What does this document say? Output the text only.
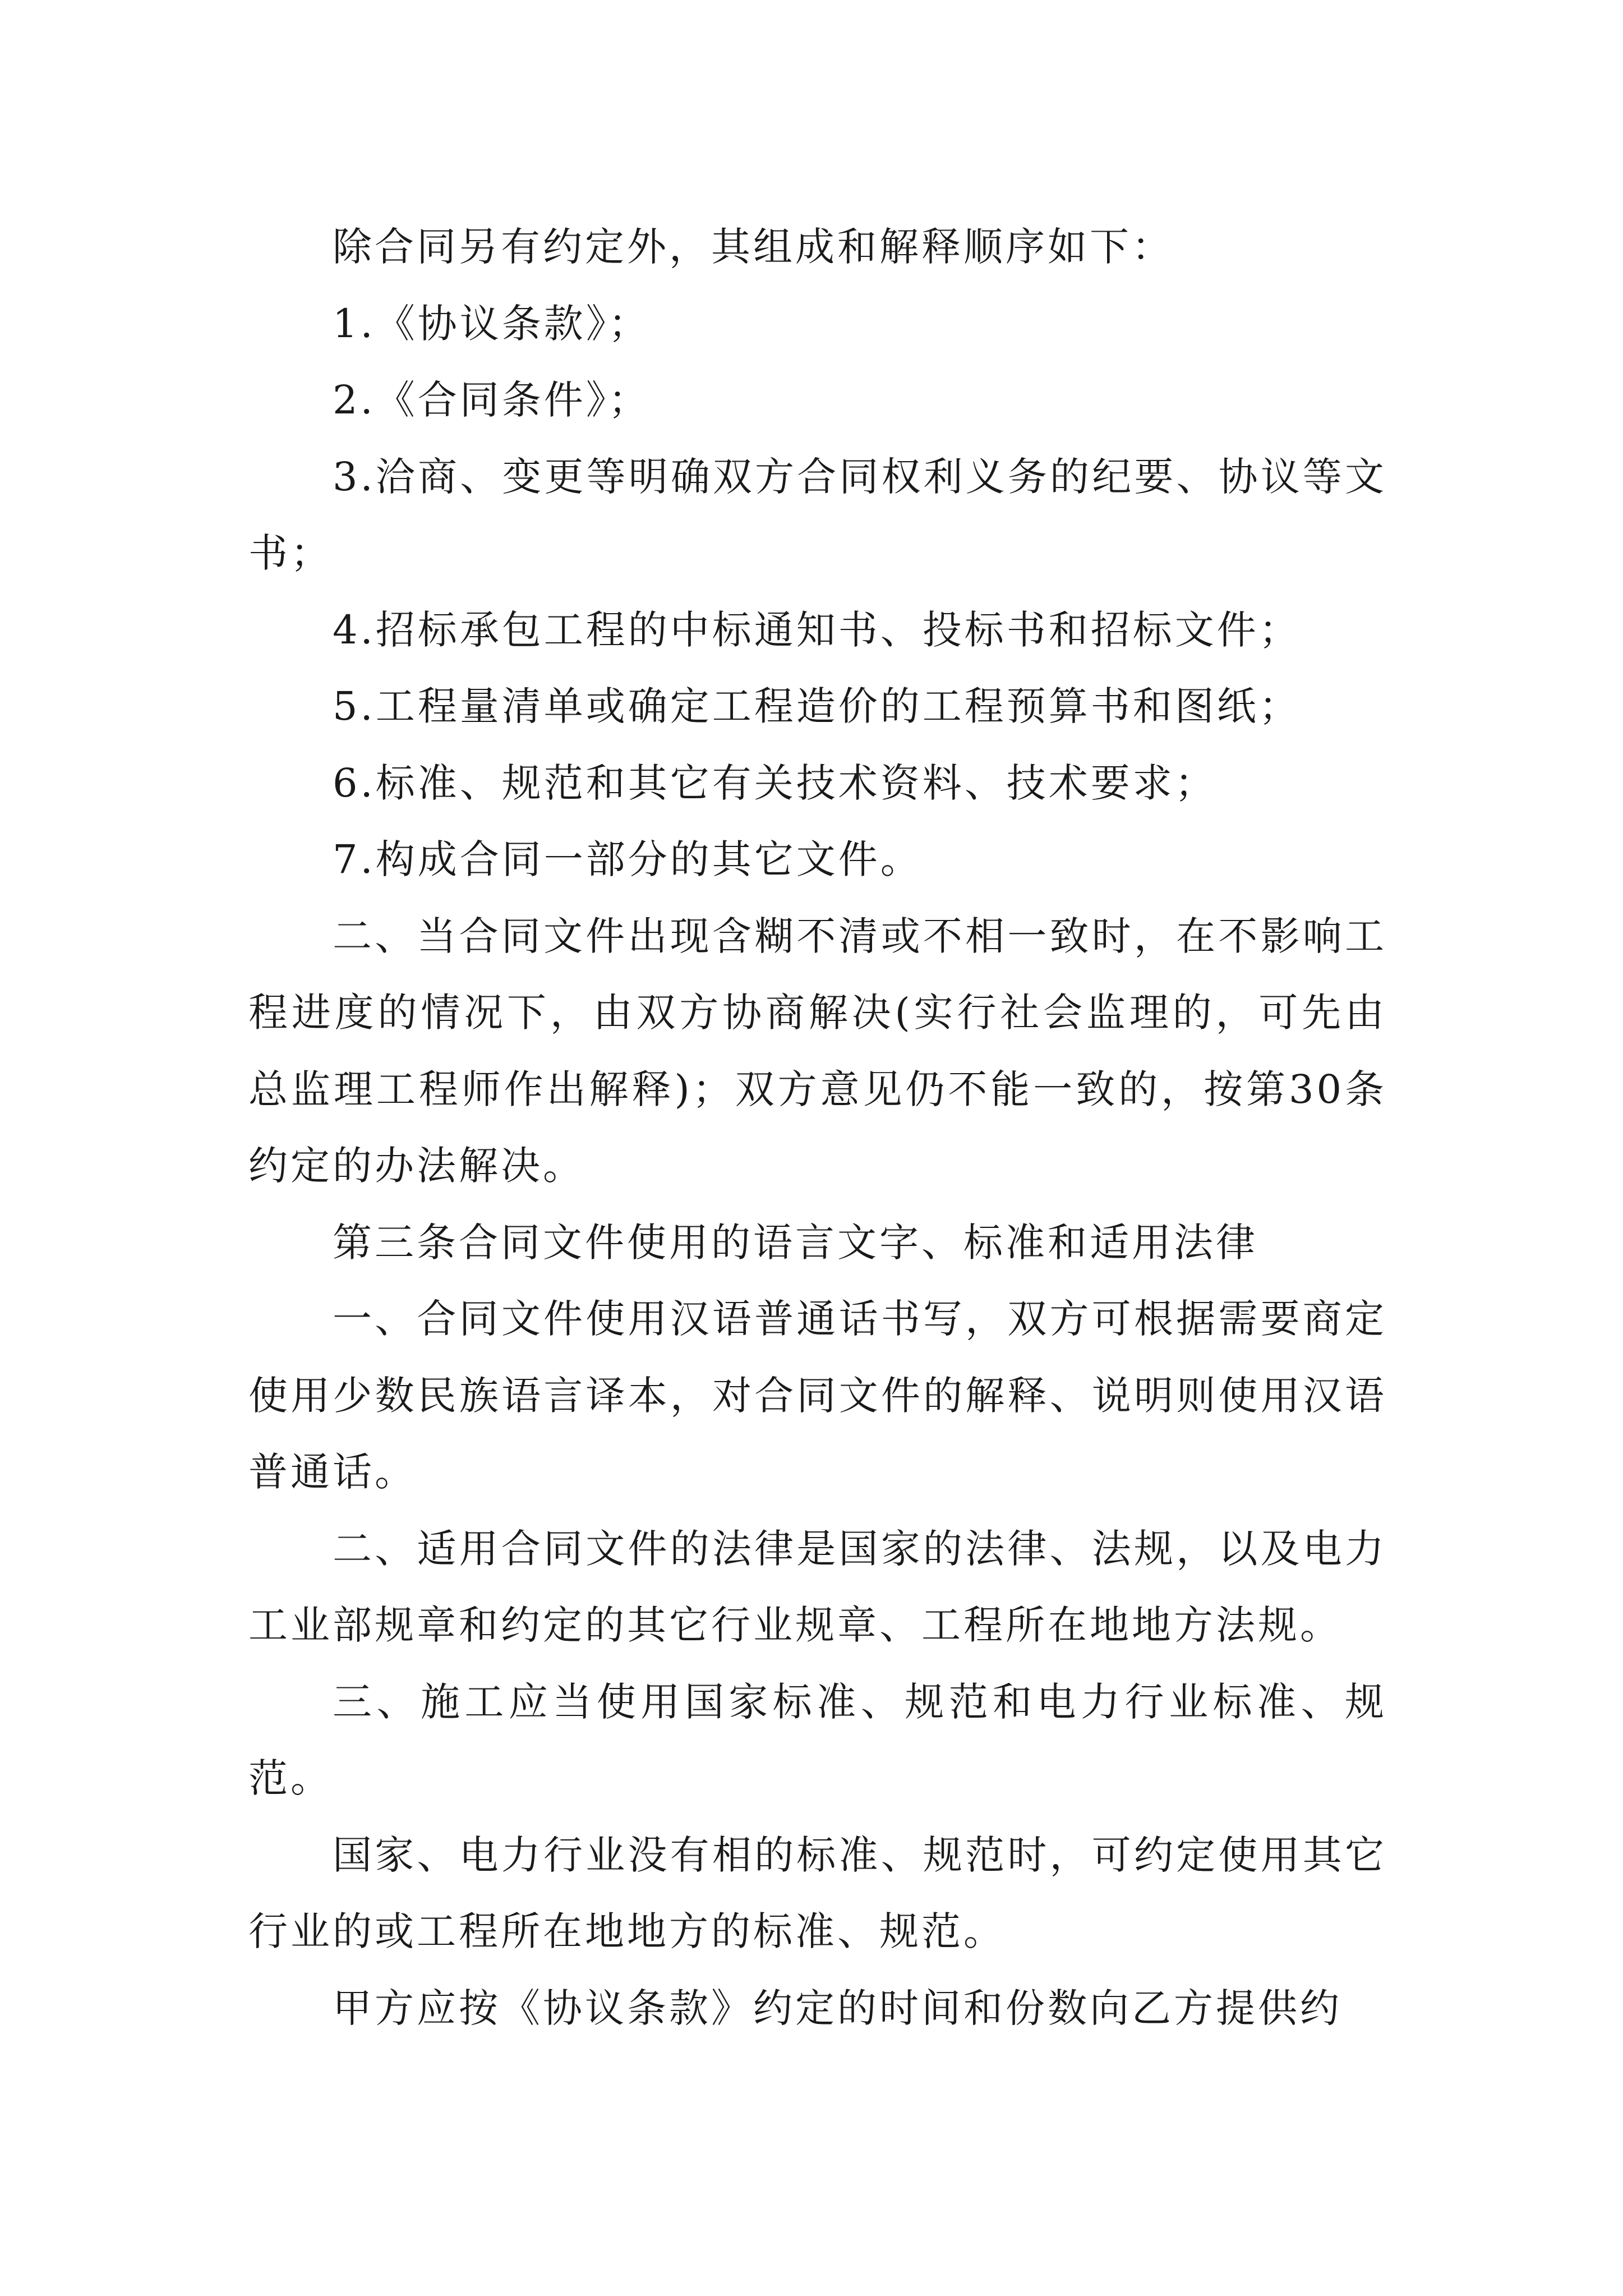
除合同另有约定外，其组成和解释顺序如下：

1.《协议条款》；

2.《合同条件》；

3.洽商、变更等明确双方合同权利义务的纪要、协议等文书；

4.招标承包工程的中标通知书、投标书和招标文件；

5.工程量清单或确定工程造价的工程预算书和图纸；

6.标准、规范和其它有关技术资料、技术要求；

7.构成合同一部分的其它文件。

二、当合同文件出现含糊不清或不相一致时，在不影响工程进度的情况下，由双方协商解决(实行社会监理的，可先由总监理工程师作出解释)；双方意见仍不能一致的，按第30条约定的办法解决。

第三条合同文件使用的语言文字、标准和适用法律

一、合同文件使用汉语普通话书写，双方可根据需要商定使用少数民族语言译本，对合同文件的解释、说明则使用汉语普通话。

二、适用合同文件的法律是国家的法律、法规，以及电力工业部规章和约定的其它行业规章、工程所在地地方法规。

三、施工应当使用国家标准、规范和电力行业标准、规范。

国家、电力行业没有相的标准、规范时，可约定使用其它行业的或工程所在地地方的标准、规范。

甲方应按《协议条款》约定的时间和份数向乙方提供约
